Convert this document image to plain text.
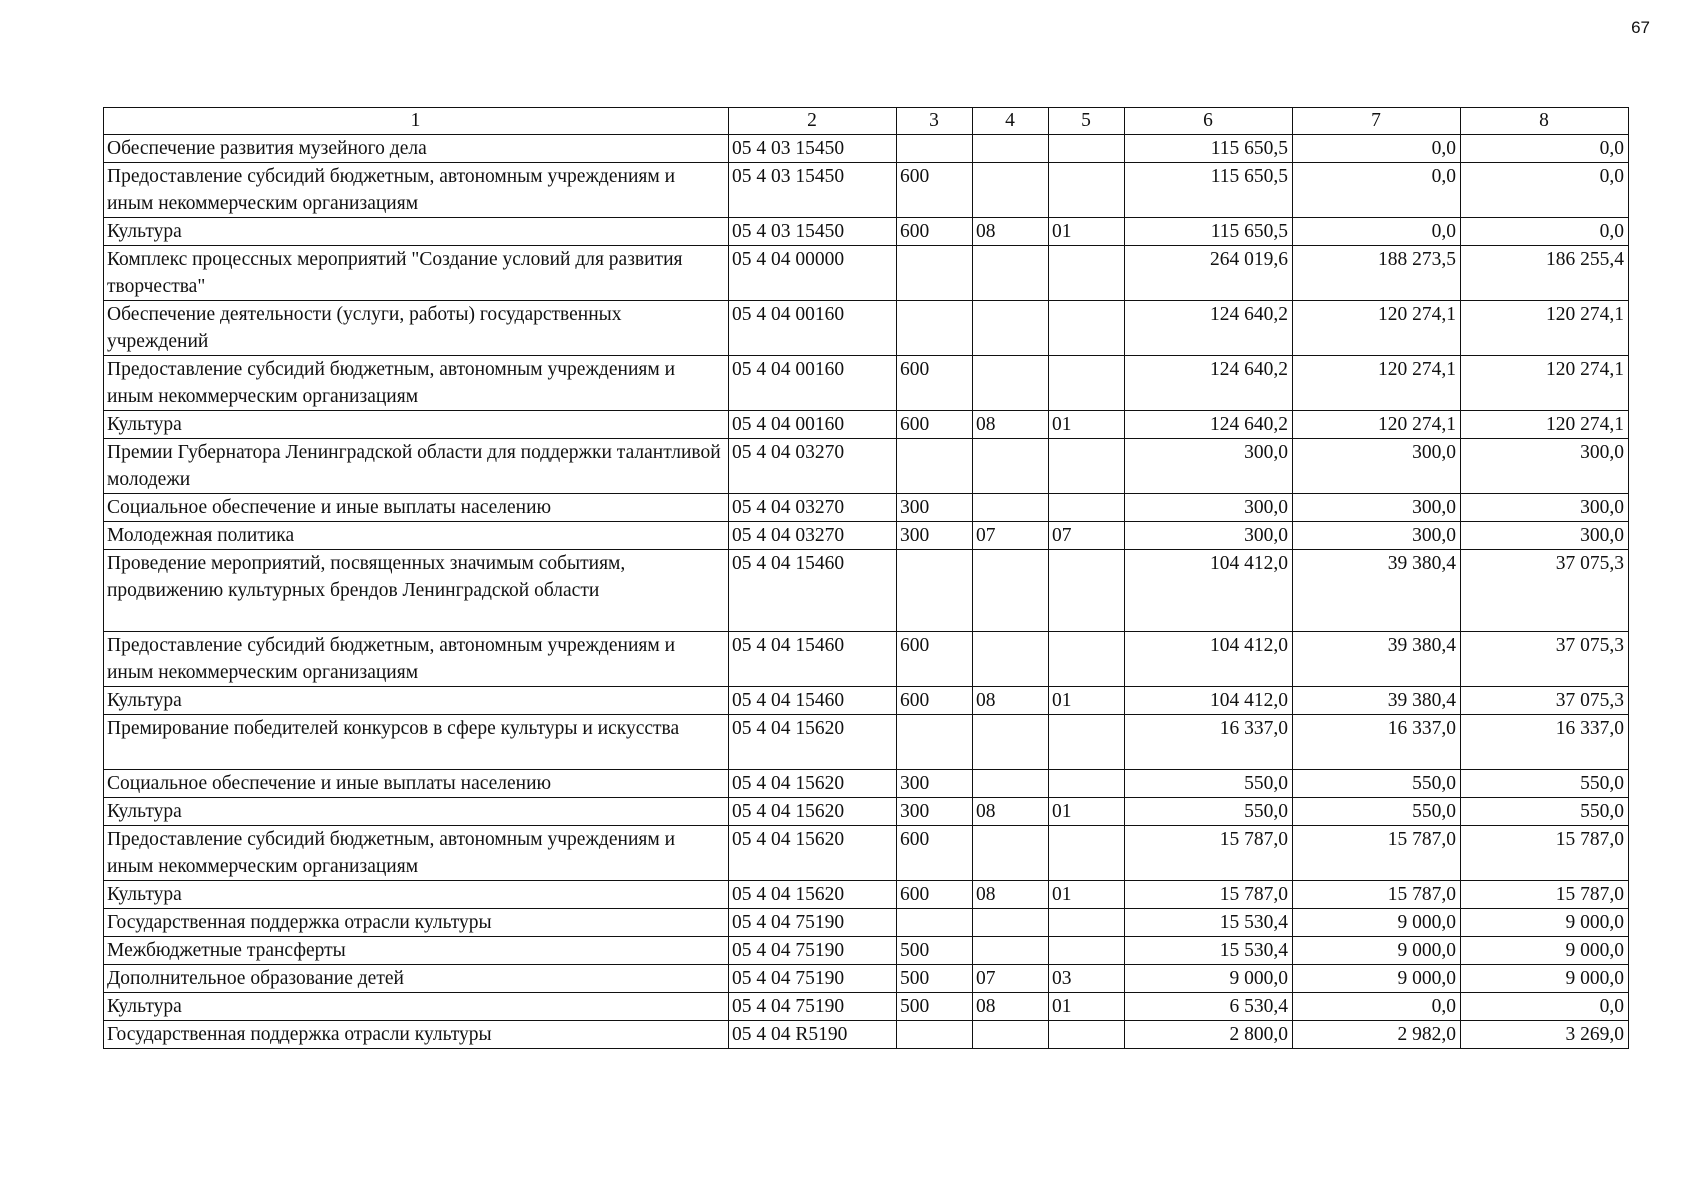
67
1	2	3	4	5	6	7	8
Обеспечение развития музейного дела	05 4 03 15450				115 650,5	0,0	0,0
Предоставление субсидий бюджетным, автономным учреждениям и иным некоммерческим организациям	05 4 03 15450	600			115 650,5	0,0	0,0
Культура	05 4 03 15450	600	08	01	115 650,5	0,0	0,0
Комплекс процессных мероприятий "Создание условий для развития творчества"	05 4 04 00000				264 019,6	188 273,5	186 255,4
Обеспечение деятельности (услуги, работы) государственных учреждений	05 4 04 00160				124 640,2	120 274,1	120 274,1
Предоставление субсидий бюджетным, автономным учреждениям и иным некоммерческим организациям	05 4 04 00160	600			124 640,2	120 274,1	120 274,1
Культура	05 4 04 00160	600	08	01	124 640,2	120 274,1	120 274,1
Премии Губернатора Ленинградской области для поддержки талантливой молодежи	05 4 04 03270				300,0	300,0	300,0
Социальное обеспечение и иные выплаты населению	05 4 04 03270	300			300,0	300,0	300,0
Молодежная политика	05 4 04 03270	300	07	07	300,0	300,0	300,0
Проведение мероприятий, посвященных значимым событиям, продвижению культурных брендов Ленинградской области	05 4 04 15460				104 412,0	39 380,4	37 075,3
Предоставление субсидий бюджетным, автономным учреждениям и иным некоммерческим организациям	05 4 04 15460	600			104 412,0	39 380,4	37 075,3
Культура	05 4 04 15460	600	08	01	104 412,0	39 380,4	37 075,3
Премирование победителей конкурсов в сфере культуры и искусства	05 4 04 15620				16 337,0	16 337,0	16 337,0
Социальное обеспечение и иные выплаты населению	05 4 04 15620	300			550,0	550,0	550,0
Культура	05 4 04 15620	300	08	01	550,0	550,0	550,0
Предоставление субсидий бюджетным, автономным учреждениям и иным некоммерческим организациям	05 4 04 15620	600			15 787,0	15 787,0	15 787,0
Культура	05 4 04 15620	600	08	01	15 787,0	15 787,0	15 787,0
Государственная поддержка отрасли культуры	05 4 04 75190				15 530,4	9 000,0	9 000,0
Межбюджетные трансферты	05 4 04 75190	500			15 530,4	9 000,0	9 000,0
Дополнительное образование детей	05 4 04 75190	500	07	03	9 000,0	9 000,0	9 000,0
Культура	05 4 04 75190	500	08	01	6 530,4	0,0	0,0
Государственная поддержка отрасли культуры	05 4 04 R5190				2 800,0	2 982,0	3 269,0
